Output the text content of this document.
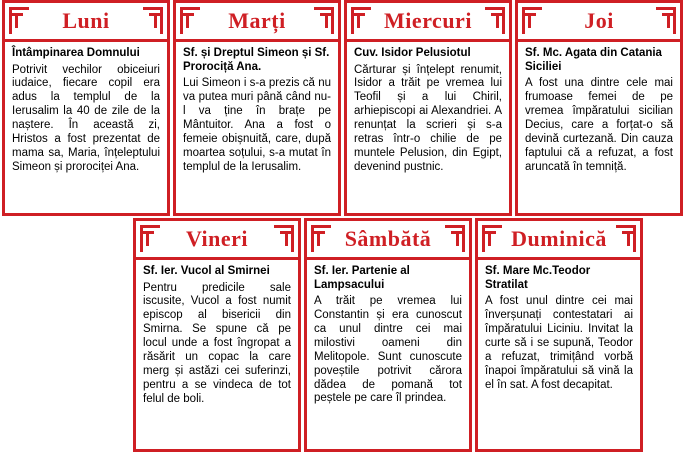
Luni

Întâmpinarea Domnului

Potrivit vechilor obiceiuri iudaice, fiecare copil era adus la templul de la Ierusalim la 40 de zile de la naștere. În această zi, Hristos a fost prezentat de mama sa, Maria, înțeleptului Simeon și prorociței Ana.

Marți

Sf. și Dreptul Simeon și Sf. Prorociță Ana.

Lui Simeon i s-a prezis că nu va putea muri până când nu-l va ține în brațe pe Mântuitor. Ana a fost o femeie obișnuită, care, după moartea soțului, s-a mutat în templul de la Ierusalim.

Miercuri

Cuv. Isidor Pelusiotul

Cărturar și înțelept renumit, Isidor a trăit pe vremea lui Teofil și a lui Chiril, arhiepiscopi ai Alexandriei. A renunțat la scrieri și s-a retras într-o chilie de pe muntele Pelusion, din Egipt, devenind pustnic.

Joi

Sf. Mc. Agata din Catania Siciliei

A fost una dintre cele mai frumoase femei de pe vremea împăratului sicilian Decius, care a forțat-o să devină curtezană. Din cauza faptului că a refuzat, a fost aruncată în temniță.

Vineri

Sf. Ier. Vucol al Smirnei

Pentru predicile sale iscusite, Vucol a fost numit episcop al bisericii din Smirna. Se spune că pe locul unde a fost îngropat a răsărit un copac la care merg și astăzi cei suferinzi, pentru a se vindeca de tot felul de boli.

Sâmbătă

Sf. Ier. Partenie al Lampsacului

A trăit pe vremea lui Constantin și era cunoscut ca unul dintre cei mai milostivi oameni din Melitopole. Sunt cunoscute poveștile potrivit cărora dădea de pomană tot peștele pe care îl prindea.

Duminică

Sf. Mare Mc.Teodor Stratilat

A fost unul dintre cei mai înverșunați contestatari ai împăratului Liciniu. Invitat la curte să i se supună, Teodor a refuzat, trimițând vorbă înapoi împăratului să vină la el în sat. A fost decapitat.
